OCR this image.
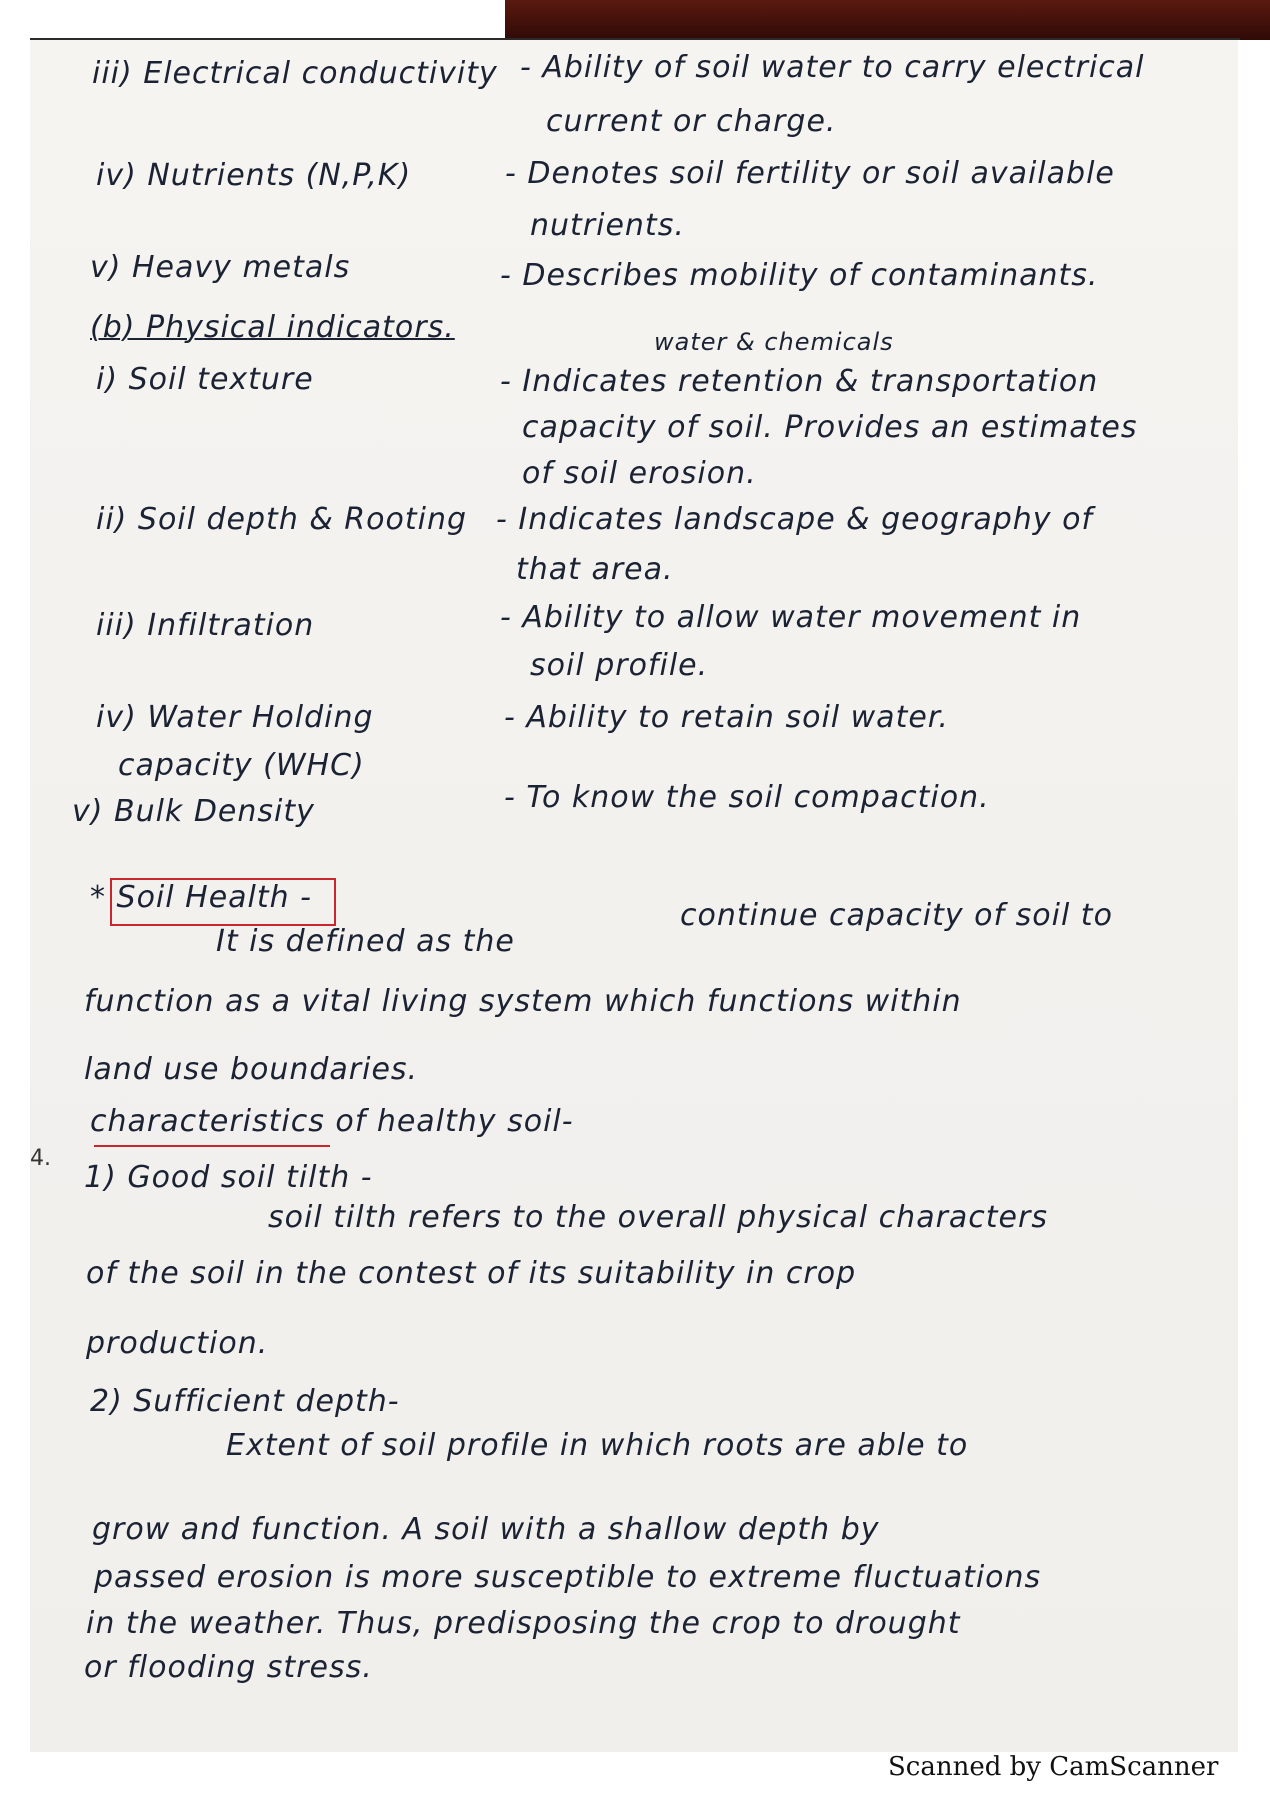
iii) Electrical conductivity - Ability of soil water to carry electrical
current or charge.
iv) Nutrients (N,P,K)	- Denotes soil fertility or soil available
nutrients.
v) Heavy metals	- Describes mobility of contaminants.
(b) Physical indicators.	water & chemicals
i) Soil texture	- Indicates retention & transportation
capacity of soil. Provides an estimates
of soil erosion.
ii) Soil depth & Rooting - Indicates landscape & geography of
that area.
iii) Infiltration	- Ability to allow water movement in
soil profile.
iv) Water Holding	- Ability to retain soil water.
capacity (WHC)
v) Bulk Density	- To know the soil compaction.
* Soil Health -
continue capacity of soil to
It is defined as the
function as a vital living system which functions within
land use boundaries.
characteristics of healthy soil-
4.
1) Good soil tilth -
soil tilth refers to the overall physical characters
of the soil in the contest of its suitability in crop
production.
2) Sufficient depth-
Extent of soil profile in which roots are able to
grow and function. A soil with a shallow depth by
passed erosion is more susceptible to extreme fluctuations
in the weather. Thus, predisposing the crop to drought
or flooding stress.
Scanned by CamScanner
